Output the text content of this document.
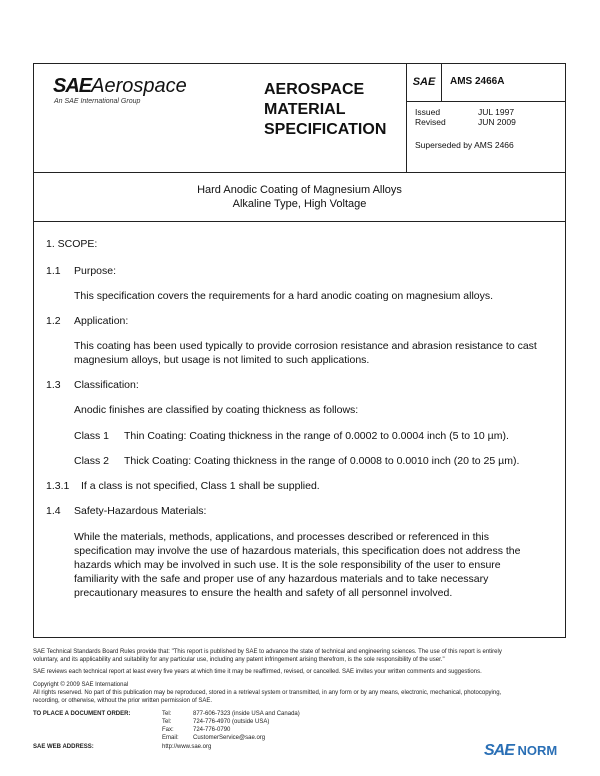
SAEAerospace
An SAE International Group
AEROSPACE
MATERIAL
SPECIFICATION
SAE	AMS 2466A
Issued	JUL 1997
Revised	JUN 2009
Superseded by AMS 2466
Hard Anodic Coating of Magnesium Alloys
Alkaline Type, High Voltage
1. SCOPE:
1.1 Purpose:
This specification covers the requirements for a hard anodic coating on magnesium alloys.
1.2 Application:
This coating has been used typically to provide corrosion resistance and abrasion resistance to cast
magnesium alloys, but usage is not limited to such applications.
1.3 Classification:
Anodic finishes are classified by coating thickness as follows:
Class 1 Thin Coating: Coating thickness in the range of 0.0002 to 0.0004 inch (5 to 10 µm).
Class 2 Thick Coating: Coating thickness in the range of 0.0008 to 0.0010 inch (20 to 25 µm).
1.3.1 If a class is not specified, Class 1 shall be supplied.
1.4 Safety-Hazardous Materials:
While the materials, methods, applications, and processes described or referenced in this
specification may involve the use of hazardous materials, this specification does not address the
hazards which may be involved in such use. It is the sole responsibility of the user to ensure
familiarity with the safe and proper use of any hazardous materials and to take necessary
precautionary measures to ensure the health and safety of all personnel involved.
SAE Technical Standards Board Rules provide that: "This report is published by SAE to advance the state of technical and engineering sciences. The use of this report is entirely
voluntary, and its applicability and suitability for any particular use, including any patent infringement arising therefrom, is the sole responsibility of the user."
SAE reviews each technical report at least every five years at which time it may be reaffirmed, revised, or cancelled. SAE invites your written comments and suggestions.
Copyright © 2009 SAE International
All rights reserved. No part of this publication may be reproduced, stored in a retrieval system or transmitted, in any form or by any means, electronic, mechanical, photocopying,
recording, or otherwise, without the prior written permission of SAE.
TO PLACE A DOCUMENT ORDER:	Tel:	877-606-7323 (inside USA and Canada)
Tel:	724-776-4970 (outside USA)
Fax:	724-776-0790
Email: CustomerService@sae.org
SAE WEB ADDRESS:	http://www.sae.org	SAE NORM
